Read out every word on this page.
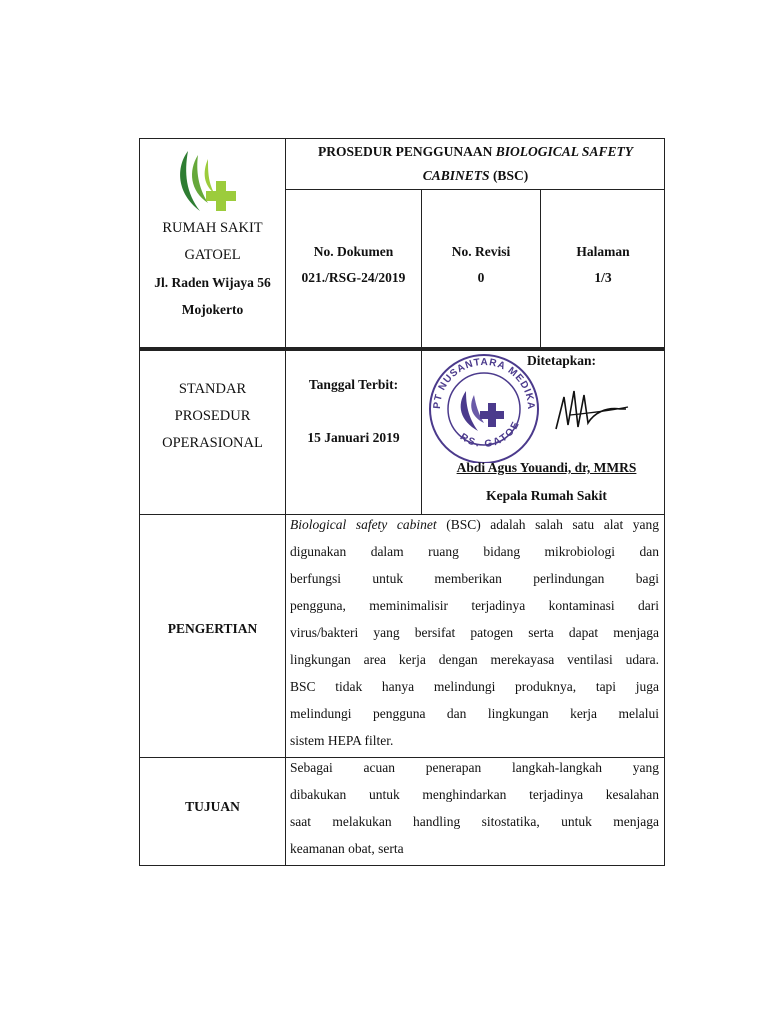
RUMAH SAKIT
GATOEL
Jl. Raden Wijaya 56
Mojokerto
PROSEDUR PENGGUNAAN BIOLOGICAL SAFETY
CABINETS (BSC)
No. Dokumen
021./RSG-24/2019
No. Revisi
0
Halaman
1/3
STANDAR
PROSEDUR
OPERASIONAL
Tanggal Terbit:
15 Januari 2019
PT NUSANTARA MEDIKA
RS. GATOE
Ditetapkan:
Abdi Agus Youandi, dr, MMRS
Kepala Rumah Sakit
PENGERTIAN
Biological safety cabinet (BSC) adalah salah satu alat yang
digunakan dalam ruang bidang mikrobiologi dan
berfungsi untuk memberikan perlindungan bagi
pengguna, meminimalisir terjadinya kontaminasi dari
virus/bakteri yang bersifat patogen serta dapat menjaga
lingkungan area kerja dengan merekayasa ventilasi udara.
BSC tidak hanya melindungi produknya, tapi juga
melindungi pengguna dan lingkungan kerja melalui
sistem HEPA filter.
TUJUAN
Sebagai acuan penerapan langkah-langkah yang
dibakukan untuk menghindarkan terjadinya kesalahan
saat melakukan handling sitostatika, untuk menjaga
keamanan obat, serta
